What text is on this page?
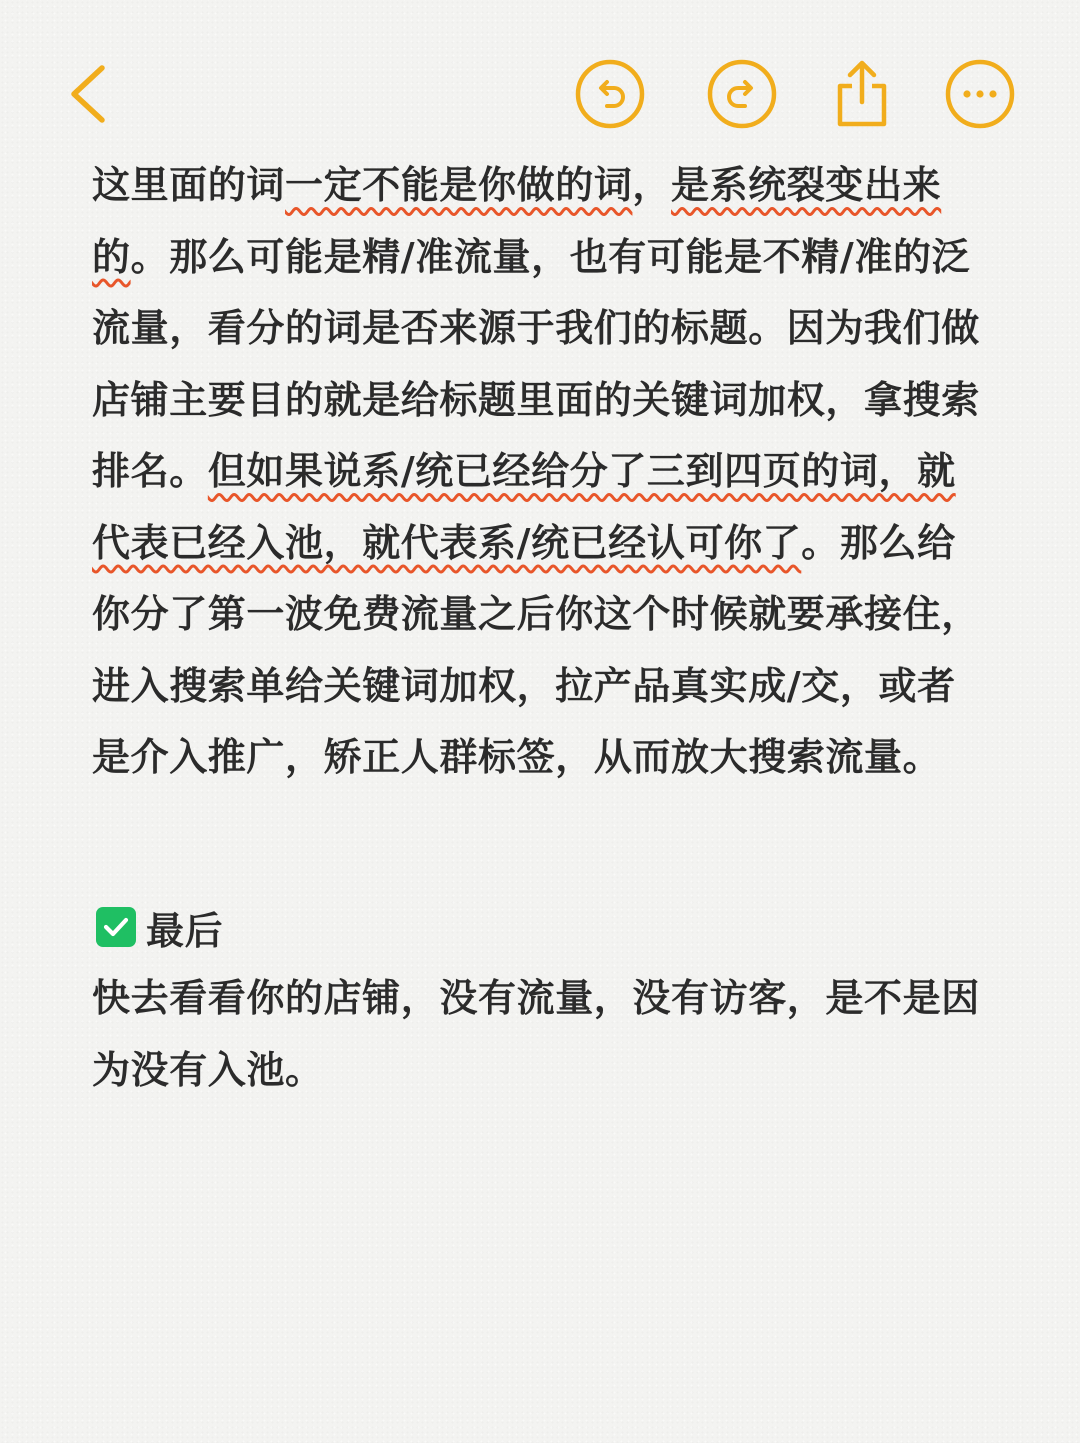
这里面的词一定不能是你做的词，是系统裂变出来的。那么可能是精/准流量，也有可能是不精/准的泛流量，看分的词是否来源于我们的标题。因为我们做店铺主要目的就是给标题里面的关键词加权，拿搜索排名。但如果说系/统已经给分了三到四页的词，就代表已经入池，就代表系/统已经认可你了。那么给你分了第一波免费流量之后你这个时候就要承接住，进入搜索单给关键词加权，拉产品真实成/交，或者是介入推广，矫正人群标签，从而放大搜索流量。

最后

快去看看你的店铺，没有流量，没有访客，是不是因为没有入池。
